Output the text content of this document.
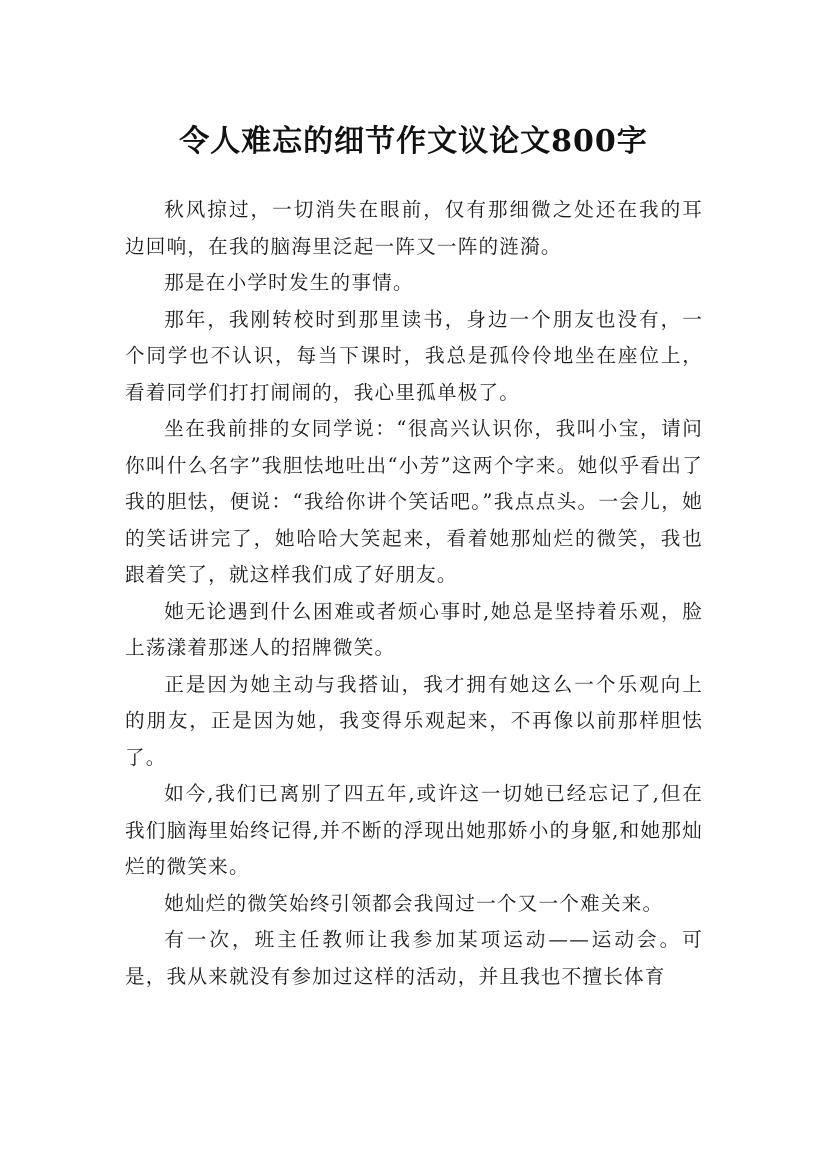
令人难忘的细节作文议论文800字

秋风掠过，一切消失在眼前，仅有那细微之处还在我的耳边回响，在我的脑海里泛起一阵又一阵的涟漪。

那是在小学时发生的事情。

那年，我刚转校时到那里读书，身边一个朋友也没有，一个同学也不认识，每当下课时，我总是孤伶伶地坐在座位上，看着同学们打打闹闹的，我心里孤单极了。

坐在我前排的女同学说：“很高兴认识你，我叫小宝，请问你叫什么名字”我胆怯地吐出“小芳”这两个字来。她似乎看出了我的胆怯，便说：“我给你讲个笑话吧。”我点点头。一会儿，她的笑话讲完了，她哈哈大笑起来，看着她那灿烂的微笑，我也跟着笑了，就这样我们成了好朋友。

她无论遇到什么困难或者烦心事时,她总是坚持着乐观，脸上荡漾着那迷人的招牌微笑。

正是因为她主动与我搭讪，我才拥有她这么一个乐观向上的朋友，正是因为她，我变得乐观起来，不再像以前那样胆怯了。

如今,我们已离别了四五年,或许这一切她已经忘记了,但在我们脑海里始终记得,并不断的浮现出她那娇小的身躯,和她那灿烂的微笑来。

她灿烂的微笑始终引领都会我闯过一个又一个难关来。

有一次，班主任教师让我参加某项运动——运动会。可是，我从来就没有参加过这样的活动，并且我也不擅长体育
